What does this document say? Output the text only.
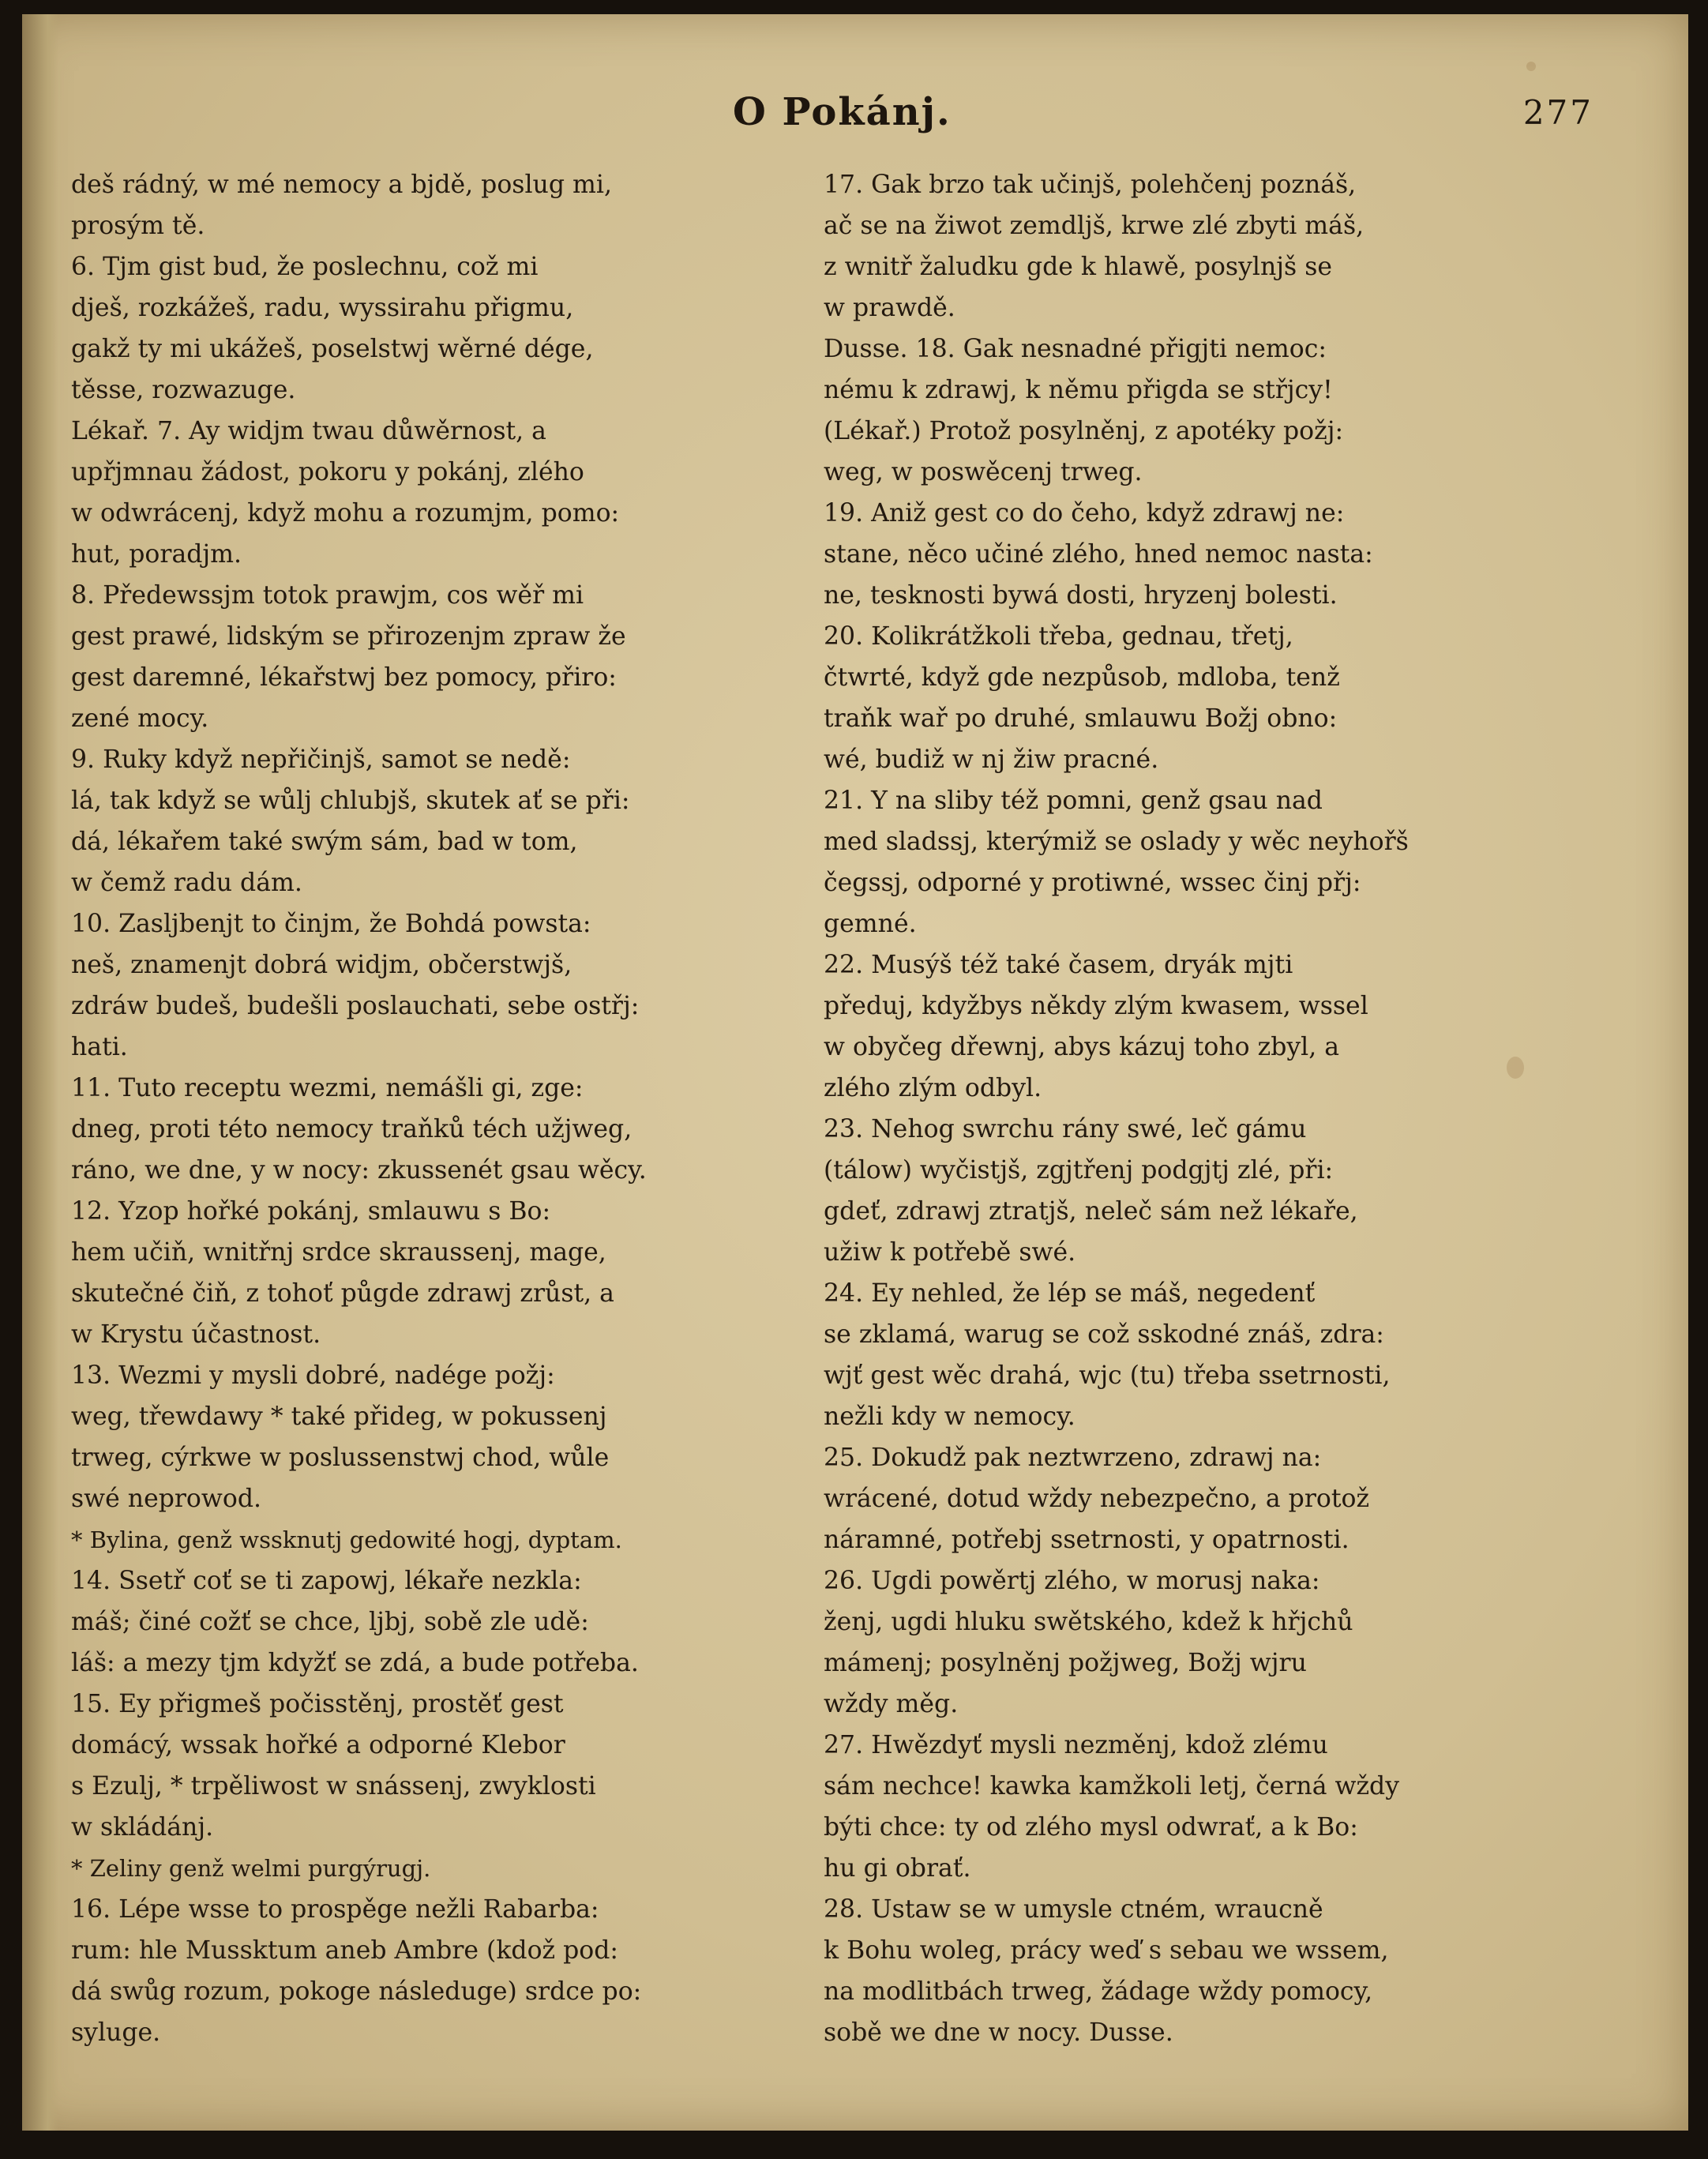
O Pokánj.	277
deš rádný, w mé nemocy a bjdě, poslug mi,
prosým tě.
6. Tjm gist bud, že poslechnu, což mi
dješ, rozkážeš, radu, wyssirahu přigmu,
gakž ty mi ukážeš, poselstwj wěrné dége,
těsse, rozwazuge.
Lékař. 7. Ay widjm twau důwěrnost, a
upřjmnau žádost, pokoru y pokánj, zlého
w odwrácenj, když mohu a rozumjm, pomo:
hut, poradjm.
8. Předewssjm totok prawjm, cos wěř mi
gest prawé, lidským se přirozenjm zpraw že
gest daremné, lékařstwj bez pomocy, přiro:
zené mocy.
9. Ruky když nepřičinjš, samot se nedě:
lá, tak když se wůlj chlubjš, skutek ať se při:
dá, lékařem také swým sám, bad w tom,
w čemž radu dám.
10. Zasljbenjt to činjm, že Bohdá powsta:
neš, znamenjt dobrá widjm, občerstwjš,
zdráw budeš, budešli poslauchati, sebe ostřj:
hati.
11. Tuto receptu wezmi, nemášli gi, zge:
dneg, proti této nemocy traňků téch užjweg,
ráno, we dne, y w nocy: zkussenét gsau wěcy.
12. Yzop hořké pokánj, smlauwu s Bo:
hem učiň, wnitřnj srdce skraussenj, mage,
skutečné čiň, z tohoť půgde zdrawj zrůst, a
w Krystu účastnost.
13. Wezmi y mysli dobré, nadége požj:
weg, třewdawy * také přideg, w pokussenj
trweg, cýrkwe w poslussenstwj chod, wůle
swé neprowod.
* Bylina, genž wssknutj gedowité hogj, dyptam.
14. Ssetř coť se ti zapowj, lékaře nezkla:
máš; činé cožť se chce, ljbj, sobě zle udě:
láš: a mezy tjm kdyžť se zdá, a bude potřeba.
15. Ey přigmeš počisstěnj, prostěť gest
domácý, wssak hořké a odporné Klebor
s Ezulj, * trpěliwost w snássenj, zwyklosti
w skládánj.
* Zeliny genž welmi purgýrugj.
16. Lépe wsse to prospěge nežli Rabarba:
rum: hle Mussktum aneb Ambre (kdož pod:
dá swůg rozum, pokoge následuge) srdce po:
syluge.
17. Gak brzo tak učinjš, polehčenj poznáš,
ač se na žiwot zemdljš, krwe zlé zbyti máš,
z wnitř žaludku gde k hlawě, posylnjš se
w prawdě.
Dusse. 18. Gak nesnadné přigjti nemoc:
nému k zdrawj, k němu přigda se střjcy!
(Lékař.) Protož posylněnj, z apotéky požj:
weg, w poswěcenj trweg.
19. Aniž gest co do čeho, když zdrawj ne:
stane, něco učiné zlého, hned nemoc nasta:
ne, tesknosti bywá dosti, hryzenj bolesti.
20. Kolikrátžkoli třeba, gednau, třetj,
čtwrté, když gde nezpůsob, mdloba, tenž
traňk wař po druhé, smlauwu Božj obno:
wé, budiž w nj žiw pracné.
21. Y na sliby též pomni, genž gsau nad
med sladssj, kterýmiž se oslady y wěc neyhořš
čegssj, odporné y protiwné, wssec činj přj:
gemné.
22. Musýš též také časem, dryák mjti
předuj, kdyžbys někdy zlým kwasem, wssel
w obyčeg dřewnj, abys kázuj toho zbyl, a
zlého zlým odbyl.
23. Nehog swrchu rány swé, leč gámu
(tálow) wyčistjš, zgjtřenj podgjtj zlé, při:
gdeť, zdrawj ztratjš, neleč sám než lékaře,
užiw k potřebě swé.
24. Ey nehled, že lép se máš, negedenť
se zklamá, warug se což sskodné znáš, zdra:
wjť gest wěc drahá, wjc (tu) třeba ssetrnosti,
nežli kdy w nemocy.
25. Dokudž pak neztwrzeno, zdrawj na:
wrácené, dotud wždy nebezpečno, a protož
náramné, potřebj ssetrnosti, y opatrnosti.
26. Ugdi powěrtj zlého, w morusj naka:
ženj, ugdi hluku swětského, kdež k hřjchů
mámenj; posylněnj požjweg, Božj wjru
wždy měg.
27. Hwězdyť mysli nezměnj, kdož zlému
sám nechce! kawka kamžkoli letj, černá wždy
býti chce: ty od zlého mysl odwrať, a k Bo:
hu gi obrať.
28. Ustaw se w umysle ctném, wraucně
k Bohu woleg, prácy weď s sebau we wssem,
na modlitbách trweg, žádage wždy pomocy,
sobě we dne w nocy. Dusse.
